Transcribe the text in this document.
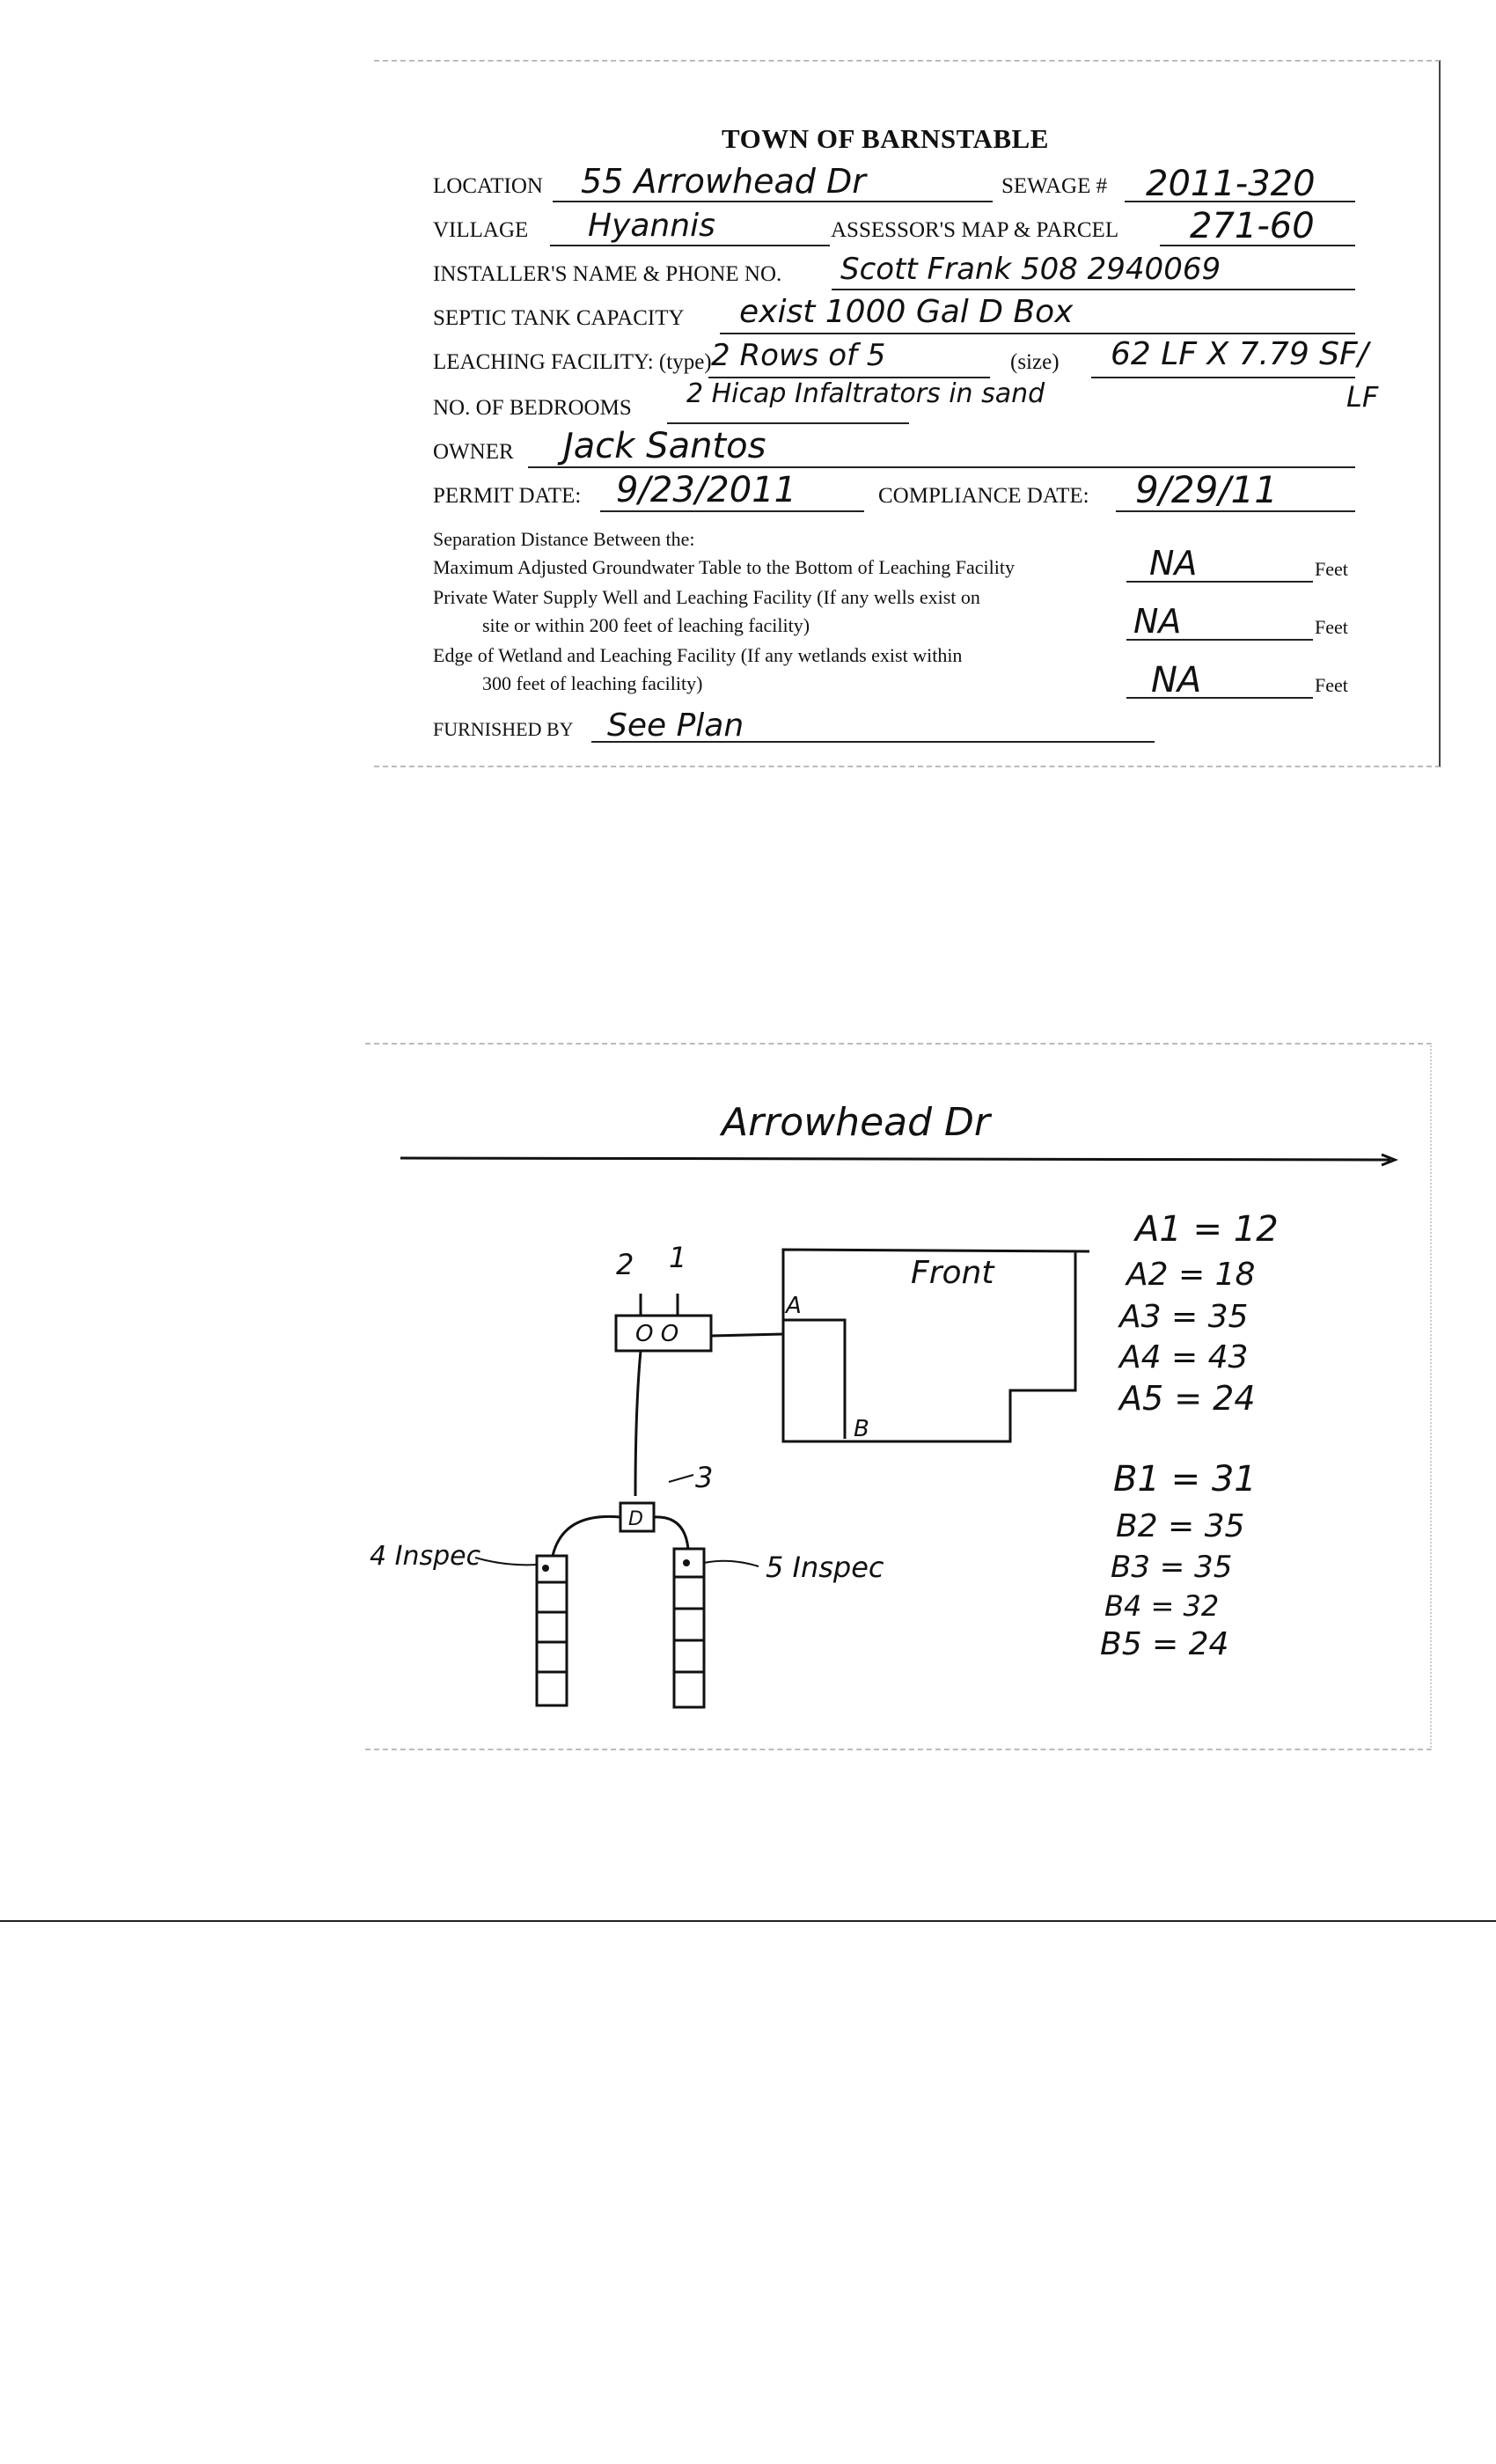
TOWN OF BARNSTABLE
LOCATION 55 Arrowhead Dr	SEWAGE # 2011-320
VILLAGE Hyannis	ASSESSOR'S MAP & PARCEL 271-60
INSTALLER'S NAME & PHONE NO. Scott Frank 508 2940069
SEPTIC TANK CAPACITY exist 1000 Gal D Box
LEACHING FACILITY: (type) 2 Rows of 5	(size) 62 LF X 7.79 SF/
NO. OF BEDROOMS 2 Hicap Infaltrators in sand	LF
OWNER Jack Santos
PERMIT DATE: 9/23/2011	COMPLIANCE DATE: 9/29/11
Separation Distance Between the:
Maximum Adjusted Groundwater Table to the Bottom of Leaching Facility	NA	Feet
Private Water Supply Well and Leaching Facility (If any wells exist on
site or within 200 feet of leaching facility)	NA	Feet
Edge of Wetland and Leaching Facility (If any wetlands exist within
300 feet of leaching facility)	NA	Feet
FURNISHED BY See Plan
Arrowhead Dr
Front
A
B
O O
2 1
D
3
4 Inspec	5 Inspec
A1 = 12
A2 = 18
A3 = 35
A4 = 43
A5 = 24
B1 = 31
B2 = 35
B3 = 35
B4 = 32
B5 = 24
